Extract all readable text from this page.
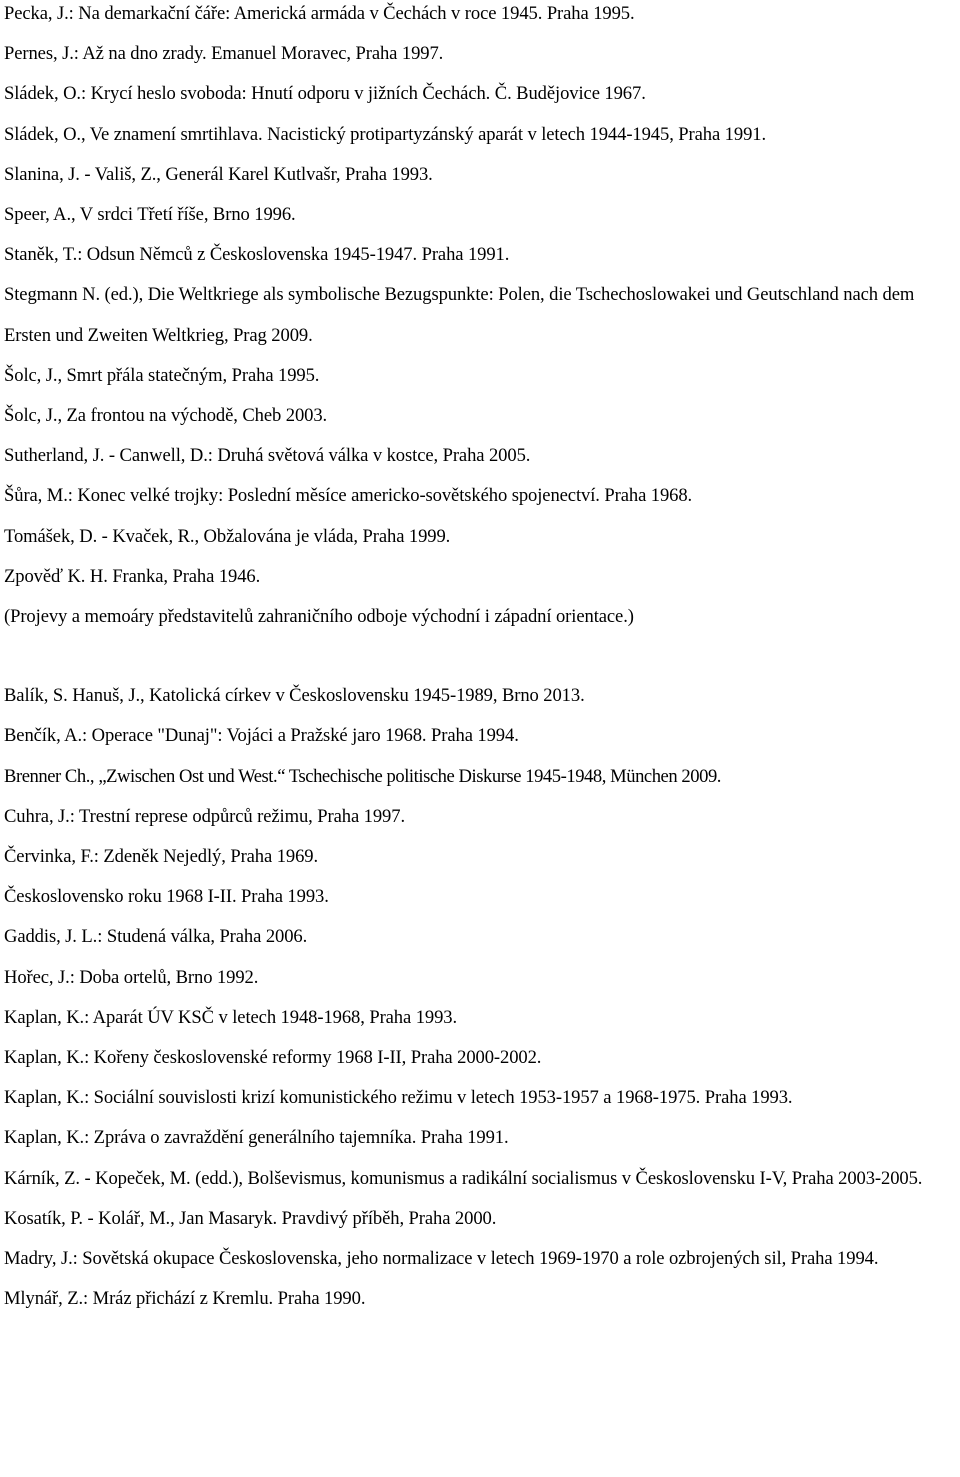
Pecka, J.: Na demarkační čáře: Americká armáda v Čechách v roce 1945. Praha 1995.
Pernes, J.: Až na dno zrady. Emanuel Moravec, Praha 1997.
Sládek, O.: Krycí heslo svoboda: Hnutí odporu v jižních Čechách. Č. Budějovice 1967.
Sládek, O., Ve znamení smrtihlava. Nacistický protipartyzánský aparát v letech 1944-1945, Praha 1991.
Slanina, J. - Vališ, Z., Generál Karel Kutlvašr, Praha 1993.
Speer, A., V srdci Třetí říše, Brno 1996.
Staněk, T.: Odsun Němců z Československa 1945-1947. Praha 1991.
Stegmann N. (ed.), Die Weltkriege als symbolische Bezugspunkte: Polen, die Tschechoslowakei und Geutschland nach dem Ersten und Zweiten Weltkrieg, Prag 2009.
Šolc, J., Smrt přála statečným, Praha 1995.
Šolc, J., Za frontou na východě, Cheb 2003.
Sutherland, J. - Canwell, D.: Druhá světová válka v kostce, Praha 2005.
Šůra, M.: Konec velké trojky: Poslední měsíce americko-sovětského spojenectví. Praha 1968.
Tomášek, D. - Kvaček, R., Obžalována je vláda, Praha 1999.
Zpověď K. H. Franka, Praha 1946.
(Projevy a memoáry představitelů zahraničního odboje východní i západní orientace.)
Balík, S. Hanuš, J., Katolická církev v Československu 1945-1989, Brno 2013.
Benčík, A.: Operace "Dunaj": Vojáci a Pražské jaro 1968. Praha 1994.
Brenner Ch., „Zwischen Ost und West.“ Tschechische politische Diskurse 1945-1948, München 2009.
Cuhra, J.: Trestní represe odpůrců režimu, Praha 1997.
Červinka, F.: Zdeněk Nejedlý, Praha 1969.
Československo roku 1968 I-II. Praha 1993.
Gaddis, J. L.: Studená válka, Praha 2006.
Hořec, J.: Doba ortelů, Brno 1992.
Kaplan, K.: Aparát ÚV KSČ v letech 1948-1968, Praha 1993.
Kaplan, K.: Kořeny československé reformy 1968 I-II, Praha 2000-2002.
Kaplan, K.: Sociální souvislosti krizí komunistického režimu v letech 1953-1957 a 1968-1975. Praha 1993.
Kaplan, K.: Zpráva o zavraždění generálního tajemníka. Praha 1991.
Kárník, Z. - Kopeček, M. (edd.), Bolševismus, komunismus a radikální socialismus v Československu I-V, Praha 2003-2005.
Kosatík, P. - Kolář, M., Jan Masaryk. Pravdivý příběh, Praha 2000.
Madry, J.: Sovětská okupace Československa, jeho normalizace v letech 1969-1970 a role ozbrojených sil, Praha 1994.
Mlynář, Z.: Mráz přichází z Kremlu. Praha 1990.
